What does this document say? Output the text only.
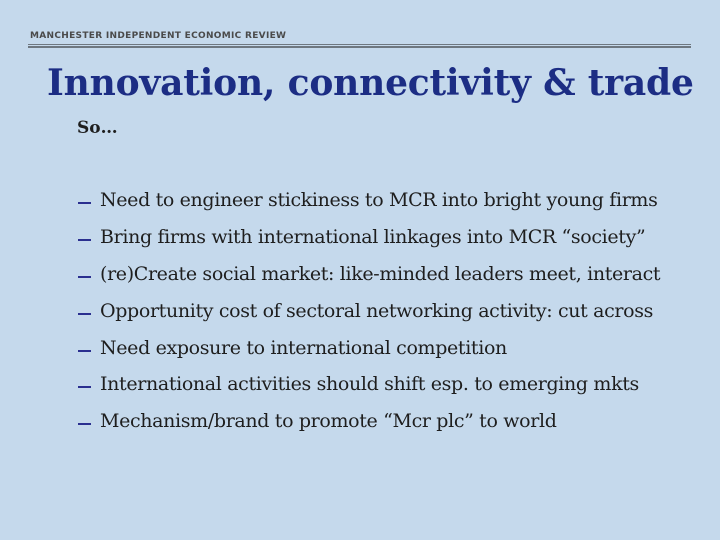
MANCHESTER INDEPENDENT ECONOMIC REVIEW
Innovation, connectivity & trade
So…
Need to engineer stickiness to MCR into bright young firms
Bring firms with international linkages into MCR “society”
(re)Create social market: like-minded leaders meet, interact
Opportunity cost of sectoral networking activity: cut across
Need exposure to international competition
International activities should shift esp. to emerging mkts
Mechanism/brand to promote “Mcr plc” to world
